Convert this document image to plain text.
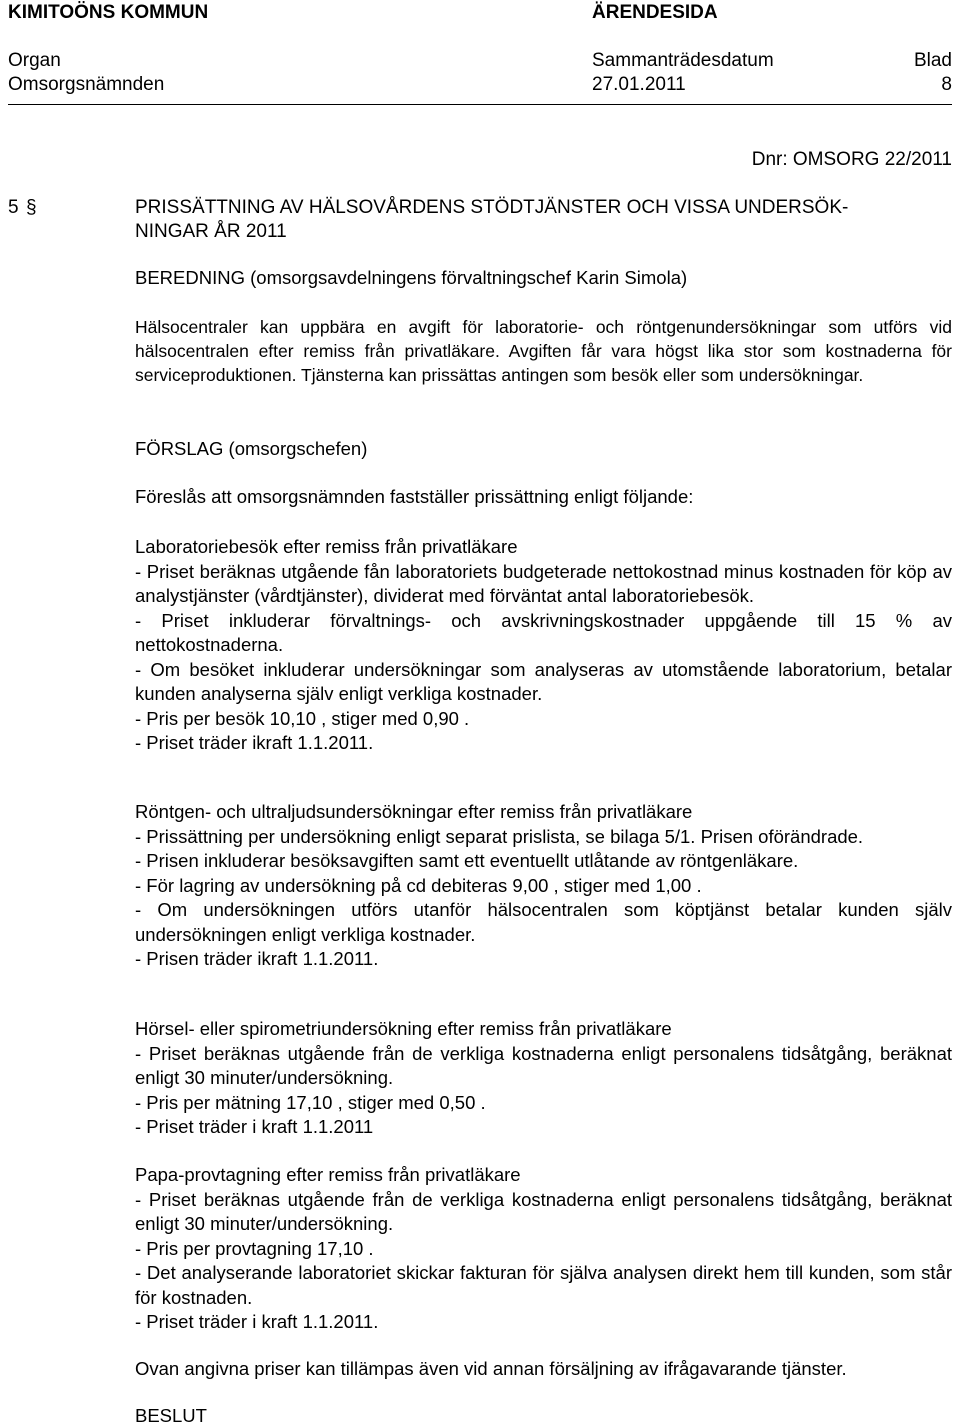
KIMITOÖNS KOMMUN	ÄRENDESIDA
Organ	Sammanträdesdatum	Blad
Omsorgsnämnden	27.01.2011	8
Dnr: OMSORG 22/2011
5 §	PRISSÄTTNING AV HÄLSOVÅRDENS STÖDTJÄNSTER OCH VISSA UNDERSÖK-
NINGAR ÅR 2011
BEREDNING (omsorgsavdelningens förvaltningschef Karin Simola)
Hälsocentraler kan uppbära en avgift för laboratorie- och röntgenundersökningar som utförs vid hälsocentralen efter remiss från privatläkare. Avgiften får vara högst lika stor som kostnaderna för serviceproduktionen. Tjänsterna kan prissättas antingen som besök eller som undersökningar.
FÖRSLAG (omsorgschefen)
Föreslås att omsorgsnämnden fastställer prissättning enligt följande:
Laboratoriebesök efter remiss från privatläkare
- Priset beräknas utgående fån laboratoriets budgeterade nettokostnad minus kostnaden för köp av analystjänster (vårdtjänster), dividerat med förväntat antal laboratoriebesök.
- Priset inkluderar förvaltnings- och avskrivningskostnader uppgående till 15 % av nettokostnaderna.
- Om besöket inkluderar undersökningar som analyseras av utomstående laboratorium, betalar kunden analyserna själv enligt verkliga kostnader.
- Pris per besök 10,10 , stiger med 0,90 .
- Priset träder ikraft 1.1.2011.
Röntgen- och ultraljudsundersökningar efter remiss från privatläkare
- Prissättning per undersökning enligt separat prislista, se bilaga 5/1. Prisen oförändrade.
- Prisen inkluderar besöksavgiften samt ett eventuellt utlåtande av röntgenläkare.
- För lagring av undersökning på cd debiteras 9,00 , stiger med 1,00 .
- Om undersökningen utförs utanför hälsocentralen som köptjänst betalar kunden själv undersökningen enligt verkliga kostnader.
- Prisen träder ikraft 1.1.2011.
Hörsel- eller spirometriundersökning efter remiss från privatläkare
- Priset beräknas utgående från de verkliga kostnaderna enligt personalens tidsåtgång, beräknat enligt 30 minuter/undersökning.
- Pris per mätning 17,10 , stiger med 0,50 .
- Priset träder i kraft 1.1.2011
Papa-provtagning efter remiss från privatläkare
- Priset beräknas utgående från de verkliga kostnaderna enligt personalens tidsåtgång, beräknat enligt 30 minuter/undersökning.
- Pris per provtagning 17,10 .
- Det analyserande laboratoriet skickar fakturan för själva analysen direkt hem till kunden, som står för kostnaden.
- Priset träder i kraft 1.1.2011.
Ovan angivna priser kan tillämpas även vid annan försäljning av ifrågavarande tjänster.
BESLUT
